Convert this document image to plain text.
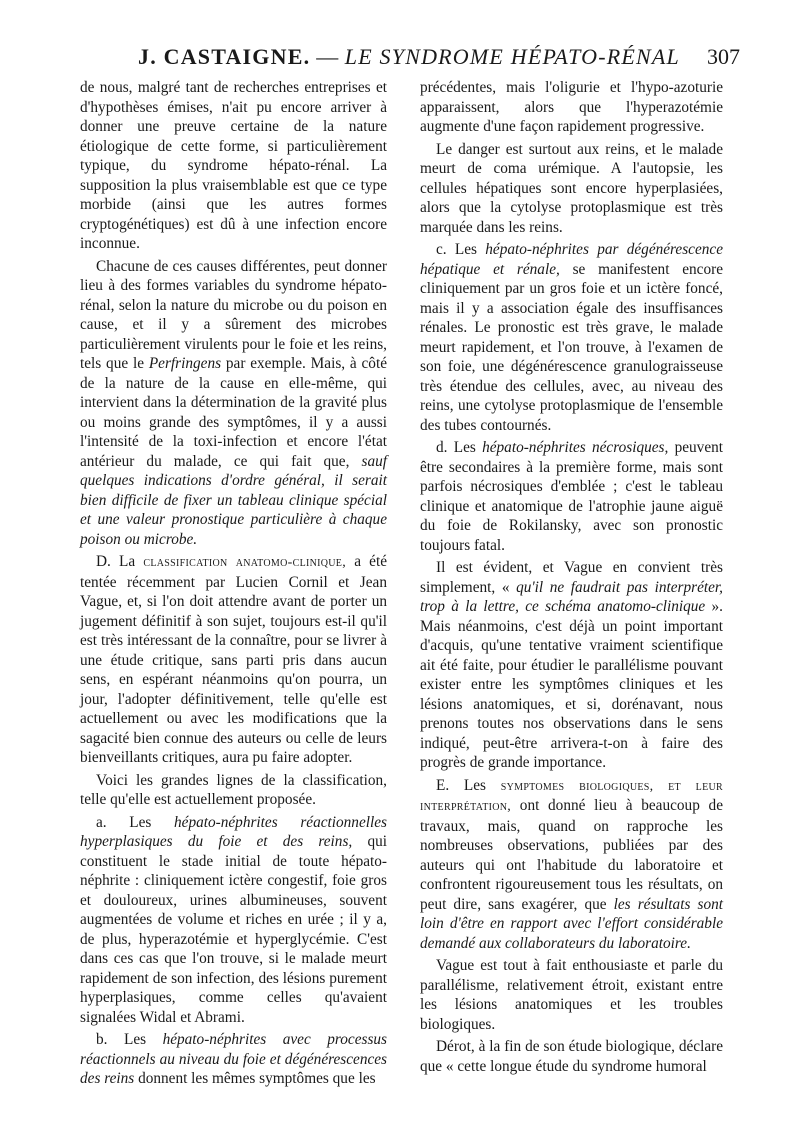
J. CASTAIGNE. — LE SYNDROME HÉPATO-RÉNAL 307

de nous, malgré tant de recherches entreprises et d'hypothèses émises, n'ait pu encore arriver à donner une preuve certaine de la nature étiologique de cette forme, si particulièrement typique, du syndrome hépato-rénal. La supposition la plus vraisemblable est que ce type morbide (ainsi que les autres formes cryptogénétiques) est dû à une infection encore inconnue.

Chacune de ces causes différentes, peut donner lieu à des formes variables du syndrome hépato-rénal, selon la nature du microbe ou du poison en cause, et il y a sûrement des microbes particulièrement virulents pour le foie et les reins, tels que le Perfringens par exemple. Mais, à côté de la nature de la cause en elle-même, qui intervient dans la détermination de la gravité plus ou moins grande des symptômes, il y a aussi l'intensité de la toxi-infection et encore l'état antérieur du malade, ce qui fait que, sauf quelques indications d'ordre général, il serait bien difficile de fixer un tableau clinique spécial et une valeur pronostique particulière à chaque poison ou microbe.

D. La classification anatomo-clinique, a été tentée récemment par Lucien Cornil et Jean Vague, et, si l'on doit attendre avant de porter un jugement définitif à son sujet, toujours est-il qu'il est très intéressant de la connaître, pour se livrer à une étude critique, sans parti pris dans aucun sens, en espérant néanmoins qu'on pourra, un jour, l'adopter définitivement, telle qu'elle est actuellement ou avec les modifications que la sagacité bien connue des auteurs ou celle de leurs bienveillants critiques, aura pu faire adopter.

Voici les grandes lignes de la classification, telle qu'elle est actuellement proposée.

a. Les hépato-néphrites réactionnelles hyperplasiques du foie et des reins, qui constituent le stade initial de toute hépato-néphrite : cliniquement ictère congestif, foie gros et douloureux, urines albumineuses, souvent augmentées de volume et riches en urée ; il y a, de plus, hyperazotémie et hyperglycémie. C'est dans ces cas que l'on trouve, si le malade meurt rapidement de son infection, des lésions purement hyperplasiques, comme celles qu'avaient signalées Widal et Abrami.

b. Les hépato-néphrites avec processus réactionnels au niveau du foie et dégénérescences des reins donnent les mêmes symptômes que les

précédentes, mais l'oligurie et l'hypo-azoturie apparaissent, alors que l'hyperazotémie augmente d'une façon rapidement progressive.

Le danger est surtout aux reins, et le malade meurt de coma urémique. A l'autopsie, les cellules hépatiques sont encore hyperplasiées, alors que la cytolyse protoplasmique est très marquée dans les reins.

c. Les hépato-néphrites par dégénérescence hépatique et rénale, se manifestent encore cliniquement par un gros foie et un ictère foncé, mais il y a association égale des insuffisances rénales. Le pronostic est très grave, le malade meurt rapidement, et l'on trouve, à l'examen de son foie, une dégénérescence granulograisseuse très étendue des cellules, avec, au niveau des reins, une cytolyse protoplasmique de l'ensemble des tubes contournés.

d. Les hépato-néphrites nécrosiques, peuvent être secondaires à la première forme, mais sont parfois nécrosiques d'emblée ; c'est le tableau clinique et anatomique de l'atrophie jaune aiguë du foie de Rokilansky, avec son pronostic toujours fatal.

Il est évident, et Vague en convient très simplement, « qu'il ne faudrait pas interpréter, trop à la lettre, ce schéma anatomo-clinique ». Mais néanmoins, c'est déjà un point important d'acquis, qu'une tentative vraiment scientifique ait été faite, pour étudier le parallélisme pouvant exister entre les symptômes cliniques et les lésions anatomiques, et si, dorénavant, nous prenons toutes nos observations dans le sens indiqué, peut-être arrivera-t-on à faire des progrès de grande importance.

E. Les symptomes biologiques, et leur interprétation, ont donné lieu à beaucoup de travaux, mais, quand on rapproche les nombreuses observations, publiées par des auteurs qui ont l'habitude du laboratoire et confrontent rigoureusement tous les résultats, on peut dire, sans exagérer, que les résultats sont loin d'être en rapport avec l'effort considérable demandé aux collaborateurs du laboratoire.

Vague est tout à fait enthousiaste et parle du parallélisme, relativement étroit, existant entre les lésions anatomiques et les troubles biologiques.

Dérot, à la fin de son étude biologique, déclare que « cette longue étude du syndrome humoral
